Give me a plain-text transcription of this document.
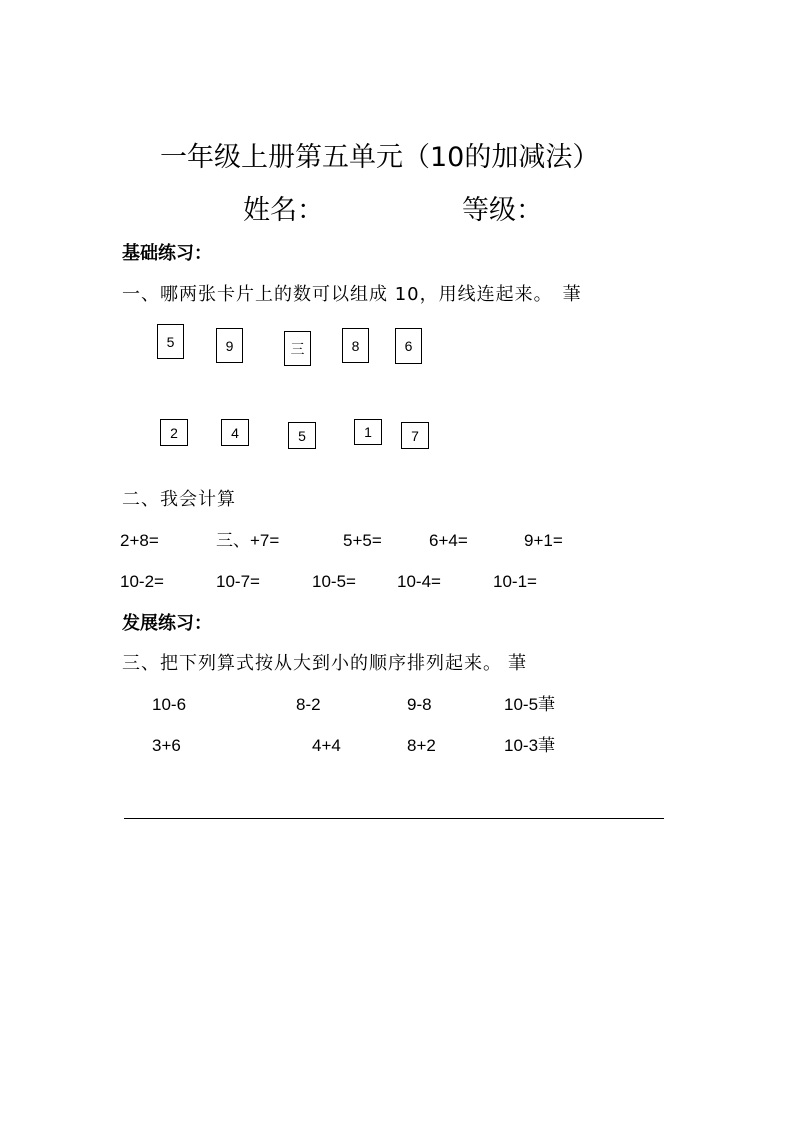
一年级上册第五单元（10的加减法）
姓名：	等级：
基础练习：
一、哪两张卡片上的数可以组成 10，用线连起来。 茟
5	9	三	8	6
2	4	5	1	7
二、我会计算
2+8=	三、+7=	5+5=	6+4=	9+1=
10-2=	10-7=	10-5= 10-4=	10-1=
发展练习：
三、把下列算式按从大到小的顺序排列起来。 茟
10-6	8-2	9-8	10-5茟
3+6	4+4	8+2	10-3茟
